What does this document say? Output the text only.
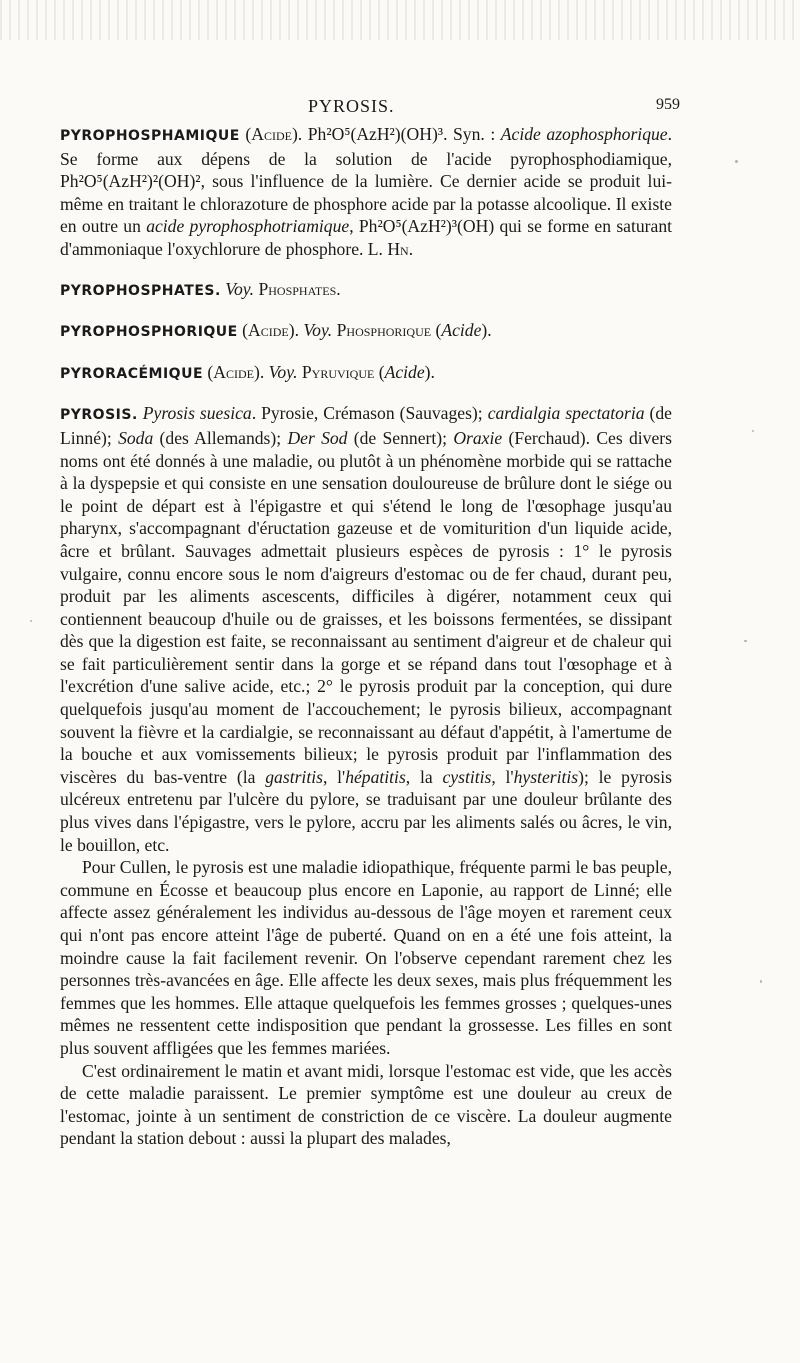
PYROSIS.	959

PYROPHOSPHAMIQUE (Acide). Ph²O⁵(AzH²)(OH)³. Syn. : Acide azophosphorique. Se forme aux dépens de la solution de l'acide pyrophosphodiamique, Ph²O⁵(AzH²)²(OH)², sous l'influence de la lumière. Ce dernier acide se produit lui-même en traitant le chlorazoture de phosphore acide par la potasse alcoolique. Il existe en outre un acide pyrophosphotriamique, Ph²O⁵(AzH²)³(OH) qui se forme en saturant d'ammoniaque l'oxychlorure de phosphore. L. Hn.

PYROPHOSPHATES. Voy. Phosphates.

PYROPHOSPHORIQUE (Acide). Voy. Phosphorique (Acide).

PYRORACÉMIQUE (Acide). Voy. Pyruvique (Acide).

PYROSIS. Pyrosis suesica. Pyrosie, Crémason (Sauvages); cardialgia spectatoria (de Linné); Soda (des Allemands); Der Sod (de Sennert); Oraxie (Ferchaud). Ces divers noms ont été donnés à une maladie, ou plutôt à un phénomène morbide qui se rattache à la dyspepsie et qui consiste en une sensation douloureuse de brûlure dont le siége ou le point de départ est à l'épigastre et qui s'étend le long de l'œsophage jusqu'au pharynx, s'accompagnant d'éructation gazeuse et de vomiturition d'un liquide acide, âcre et brûlant. Sauvages admettait plusieurs espèces de pyrosis : 1° le pyrosis vulgaire, connu encore sous le nom d'aigreurs d'estomac ou de fer chaud, durant peu, produit par les aliments ascescents, difficiles à digérer, notamment ceux qui contiennent beaucoup d'huile ou de graisses, et les boissons fermentées, se dissipant dès que la digestion est faite, se reconnaissant au sentiment d'aigreur et de chaleur qui se fait particulièrement sentir dans la gorge et se répand dans tout l'œsophage et à l'excrétion d'une salive acide, etc.; 2° le pyrosis produit par la conception, qui dure quelquefois jusqu'au moment de l'accouchement; le pyrosis bilieux, accompagnant souvent la fièvre et la cardialgie, se reconnaissant au défaut d'appétit, à l'amertume de la bouche et aux vomissements bilieux; le pyrosis produit par l'inflammation des viscères du bas-ventre (la gastritis, l'hépatitis, la cystitis, l'hysteritis); le pyrosis ulcéreux entretenu par l'ulcère du pylore, se traduisant par une douleur brûlante des plus vives dans l'épigastre, vers le pylore, accru par les aliments salés ou âcres, le vin, le bouillon, etc.

Pour Cullen, le pyrosis est une maladie idiopathique, fréquente parmi le bas peuple, commune en Écosse et beaucoup plus encore en Laponie, au rapport de Linné; elle affecte assez généralement les individus au-dessous de l'âge moyen et rarement ceux qui n'ont pas encore atteint l'âge de puberté. Quand on en a été une fois atteint, la moindre cause la fait facilement revenir. On l'observe cependant rarement chez les personnes très-avancées en âge. Elle affecte les deux sexes, mais plus fréquemment les femmes que les hommes. Elle attaque quelquefois les femmes grosses ; quelques-unes mêmes ne ressentent cette indisposition que pendant la grossesse. Les filles en sont plus souvent affligées que les femmes mariées.

C'est ordinairement le matin et avant midi, lorsque l'estomac est vide, que les accès de cette maladie paraissent. Le premier symptôme est une douleur au creux de l'estomac, jointe à un sentiment de constriction de ce viscère. La douleur augmente pendant la station debout : aussi la plupart des malades,
